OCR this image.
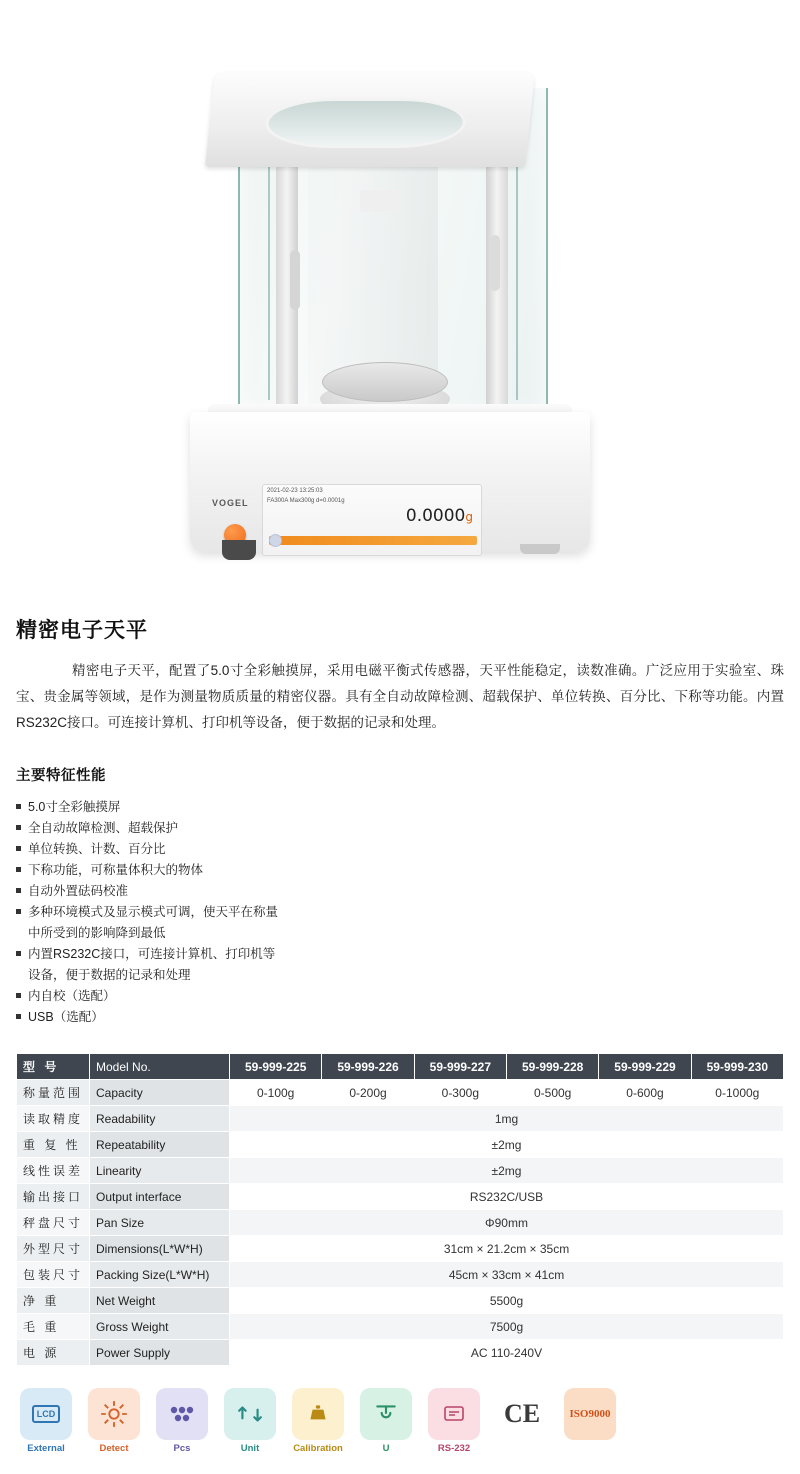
VOGEL
2021-02-23 13:25:03
FA300A Max300g d=0.0001g
0.0000g
精密电子天平

精密电子天平，配置了5.0寸全彩触摸屏，采用电磁平衡式传感器，天平性能稳定，读数准确。广泛应用于实验室、珠宝、贵金属等领域，是作为测量物质质量的精密仪器。具有全自动故障检测、超载保护、单位转换、百分比、下称等功能。内置RS232C接口。可连接计算机、打印机等设备，便于数据的记录和处理。

主要特征性能
5.0寸全彩触摸屏
全自动故障检测、超载保护
单位转换、计数、百分比
下称功能，可称量体积大的物体
自动外置砝码校准
多种环境模式及显示模式可调，使天平在称量
中所受到的影响降到最低
内置RS232C接口，可连接计算机、打印机等
设备，便于数据的记录和处理
内自校（选配）
USB（选配）
型 号	Model No.	59-999-225	59-999-226	59-999-227	59-999-228	59-999-229	59-999-230
称量范围	Capacity	0-100g	0-200g	0-300g	0-500g	0-600g	0-1000g
读取精度	Readability	1mg					
重 复 性	Repeatability	±2mg					
线性误差	Linearity	±2mg					
输出接口	Output interface	RS232C/USB					
秤盘尺寸	Pan Size	Φ90mm					
外型尺寸	Dimensions(L*W*H)	31cm × 21.2cm × 35cm					
包装尺寸	Packing Size(L*W*H)	45cm × 33cm × 41cm					
净 重	Net Weight	5500g					
毛 重	Gross Weight	7500g					
电 源	Power Supply	AC 110-240V					
LCD
External	Detect	Pcs	Unit	Calibration	U	RS-232
CE	ISO9000
